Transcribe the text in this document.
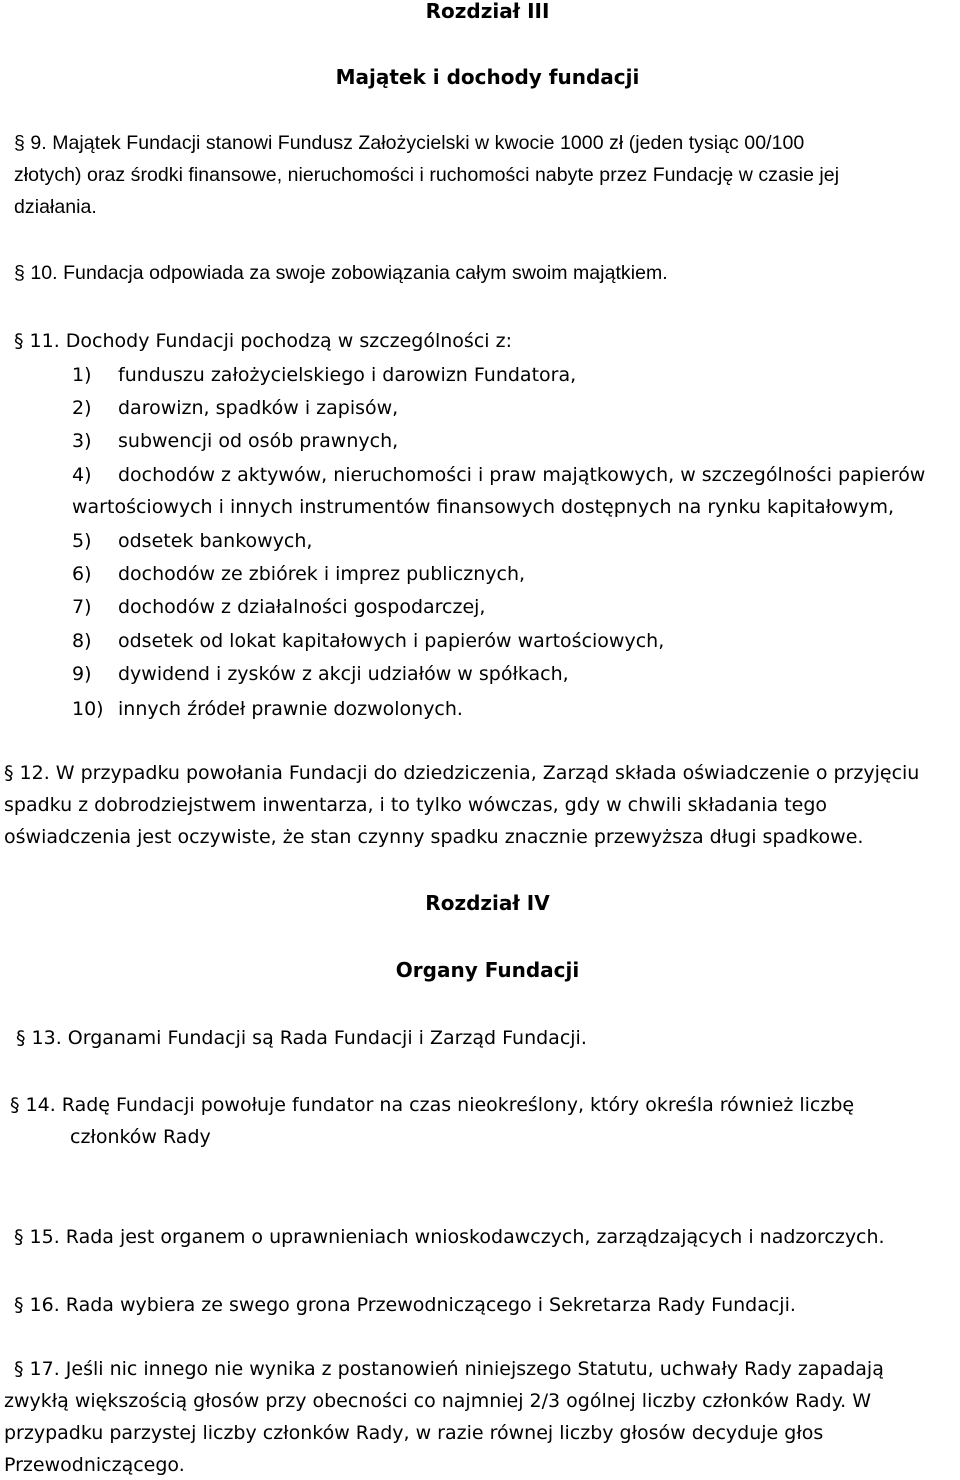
Rozdział III
Majątek i dochody fundacji
§ 9. Majątek Fundacji stanowi Fundusz Założycielski w kwocie 1000 zł (jeden tysiąc 00/100
złotych) oraz środki finansowe, nieruchomości i ruchomości nabyte przez Fundację w czasie jej
działania.
§ 10. Fundacja odpowiada za swoje zobowiązania całym swoim majątkiem.
§ 11. Dochody Fundacji pochodzą w szczególności z:
1) funduszu założycielskiego i darowizn Fundatora,
2) darowizn, spadków i zapisów,
3) subwencji od osób prawnych,
4) dochodów z aktywów, nieruchomości i praw majątkowych, w szczególności papierów
wartościowych i innych instrumentów finansowych dostępnych na rynku kapitałowym,
5) odsetek bankowych,
6) dochodów ze zbiórek i imprez publicznych,
7) dochodów z działalności gospodarczej,
8) odsetek od lokat kapitałowych i papierów wartościowych,
9) dywidend i zysków z akcji udziałów w spółkach,
10) innych źródeł prawnie dozwolonych.
§ 12. W przypadku powołania Fundacji do dziedziczenia, Zarząd składa oświadczenie o przyjęciu
spadku z dobrodziejstwem inwentarza, i to tylko wówczas, gdy w chwili składania tego
oświadczenia jest oczywiste, że stan czynny spadku znacznie przewyższa długi spadkowe.
Rozdział IV
Organy Fundacji
§ 13. Organami Fundacji są Rada Fundacji i Zarząd Fundacji.
§ 14. Radę Fundacji powołuje fundator na czas nieokreślony, który określa również liczbę
członków Rady
§ 15. Rada jest organem o uprawnieniach wnioskodawczych, zarządzających i nadzorczych.
§ 16. Rada wybiera ze swego grona Przewodniczącego i Sekretarza Rady Fundacji.
§ 17. Jeśli nic innego nie wynika z postanowień niniejszego Statutu, uchwały Rady zapadają
zwykłą większością głosów przy obecności co najmniej 2/3 ogólnej liczby członków Rady. W
przypadku parzystej liczby członków Rady, w razie równej liczby głosów decyduje głos
Przewodniczącego.
